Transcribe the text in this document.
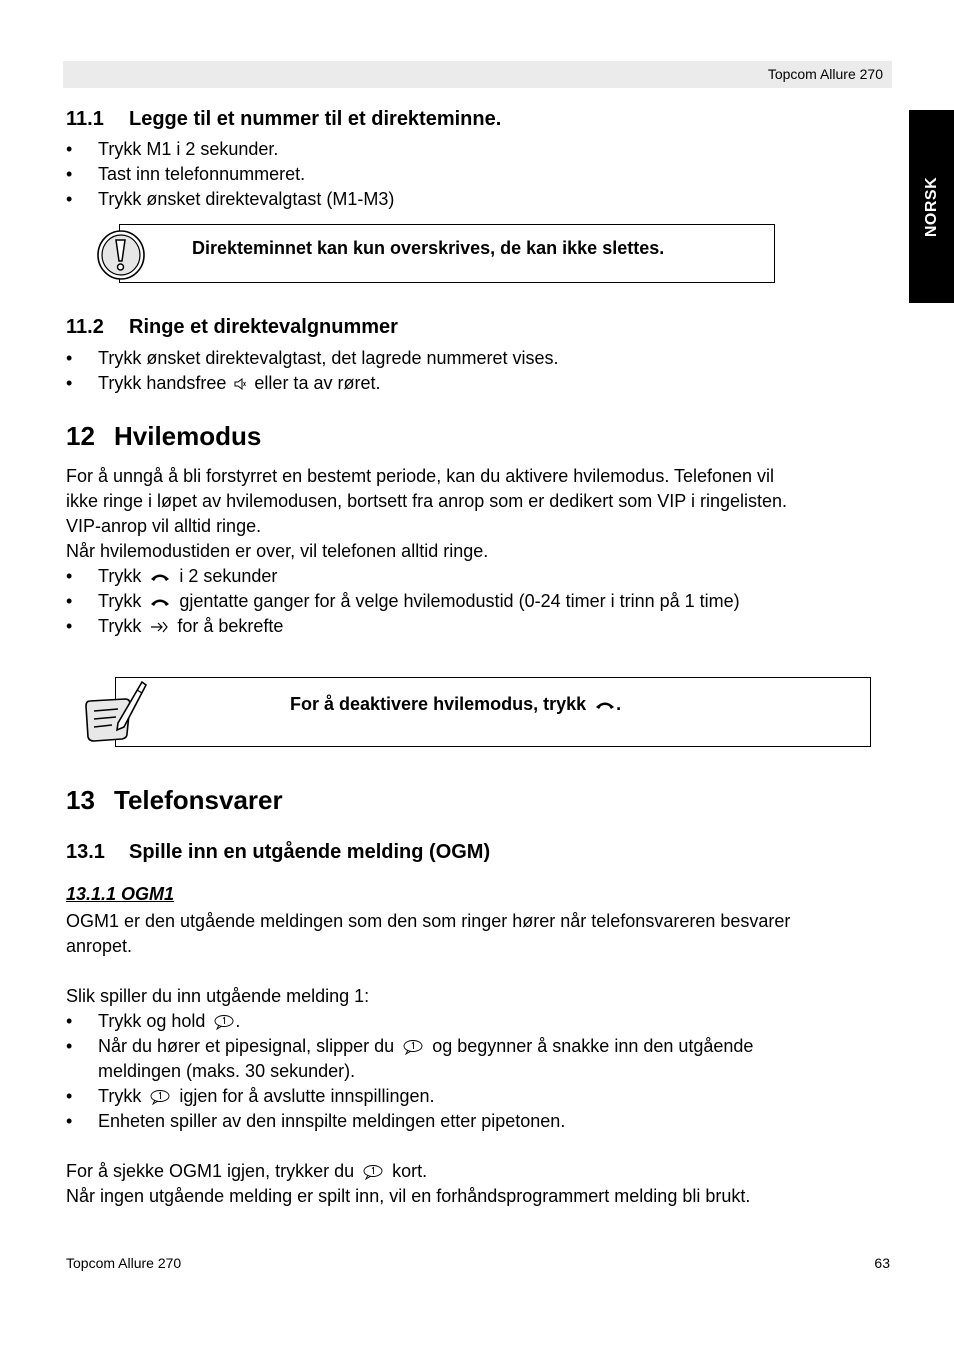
Topcom Allure 270
NORSK
11.1 Legge til et nummer til et direkteminne.
• Trykk M1 i 2 sekunder.
• Tast inn telefonnummeret.
• Trykk ønsket direktevalgtast (M1-M3)
Direkteminnet kan kun overskrives, de kan ikke slettes.
11.2 Ringe et direktevalgnummer
• Trykk ønsket direktevalgtast, det lagrede nummeret vises.
• Trykk handsfree eller ta av røret.
12 Hvilemodus
For å unngå å bli forstyrret en bestemt periode, kan du aktivere hvilemodus. Telefonen vil
ikke ringe i løpet av hvilemodusen, bortsett fra anrop som er dedikert som VIP i ringelisten.
VIP-anrop vil alltid ringe.
Når hvilemodustiden er over, vil telefonen alltid ringe.
• Trykk i 2 sekunder
• Trykk gjentatte ganger for å velge hvilemodustid (0-24 timer i trinn på 1 time)
• Trykk for å bekrefte
For å deaktivere hvilemodus, trykk .
13 Telefonsvarer
13.1 Spille inn en utgående melding (OGM)
13.1.1 OGM1
OGM1 er den utgående meldingen som den som ringer hører når telefonsvareren besvarer
anropet.
Slik spiller du inn utgående melding 1:
• Trykk og hold .
• Når du hører et pipesignal, slipper du og begynner å snakke inn den utgående
meldingen (maks. 30 sekunder).
• Trykk igjen for å avslutte innspillingen.
• Enheten spiller av den innspilte meldingen etter pipetonen.
For å sjekke OGM1 igjen, trykker du kort.
Når ingen utgående melding er spilt inn, vil en forhåndsprogrammert melding bli brukt.
Topcom Allure 270	63
